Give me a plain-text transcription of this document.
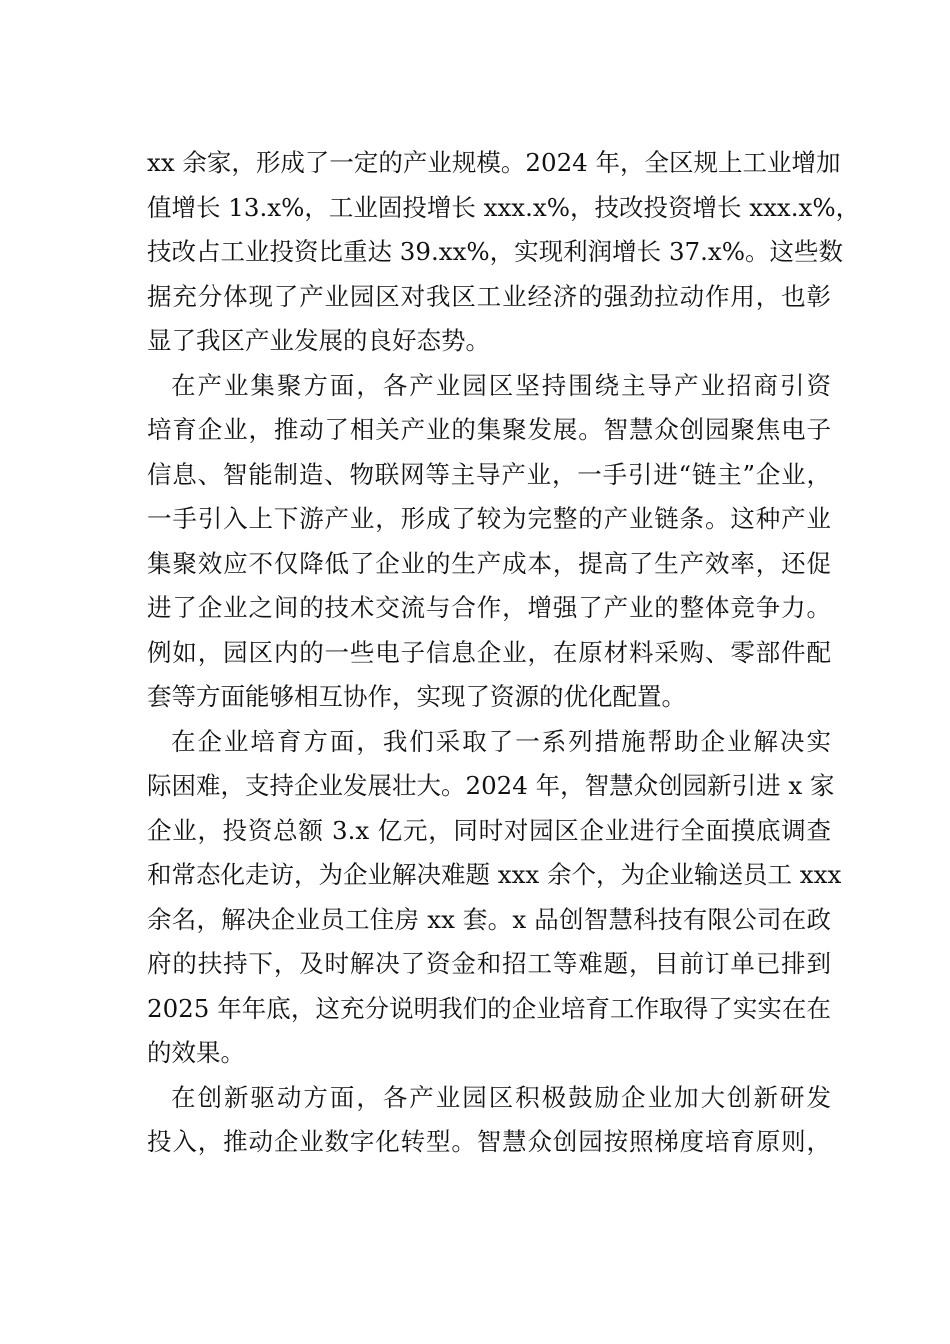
xx 余家，形成了一定的产业规模。2024 年，全区规上工业增加
值增长 13.x%，工业固投增长 xxx.x%，技改投资增长 xxx.x%，
技改占工业投资比重达 39.xx%，实现利润增长 37.x%。这些数
据充分体现了产业园区对我区工业经济的强劲拉动作用，也彰
显了我区产业发展的良好态势。
在产业集聚方面，各产业园区坚持围绕主导产业招商引资
培育企业，推动了相关产业的集聚发展。智慧众创园聚焦电子
信息、智能制造、物联网等主导产业，一手引进“链主”企业，
一手引入上下游产业，形成了较为完整的产业链条。这种产业
集聚效应不仅降低了企业的生产成本，提高了生产效率，还促
进了企业之间的技术交流与合作，增强了产业的整体竞争力。
例如，园区内的一些电子信息企业，在原材料采购、零部件配
套等方面能够相互协作，实现了资源的优化配置。
在企业培育方面，我们采取了一系列措施帮助企业解决实
际困难，支持企业发展壮大。2024 年，智慧众创园新引进 x 家
企业，投资总额 3.x 亿元，同时对园区企业进行全面摸底调查
和常态化走访，为企业解决难题 xxx 余个，为企业输送员工 xxx
余名，解决企业员工住房 xx 套。x 品创智慧科技有限公司在政
府的扶持下，及时解决了资金和招工等难题，目前订单已排到
2025 年年底，这充分说明我们的企业培育工作取得了实实在在
的效果。
在创新驱动方面，各产业园区积极鼓励企业加大创新研发
投入，推动企业数字化转型。智慧众创园按照梯度培育原则，
